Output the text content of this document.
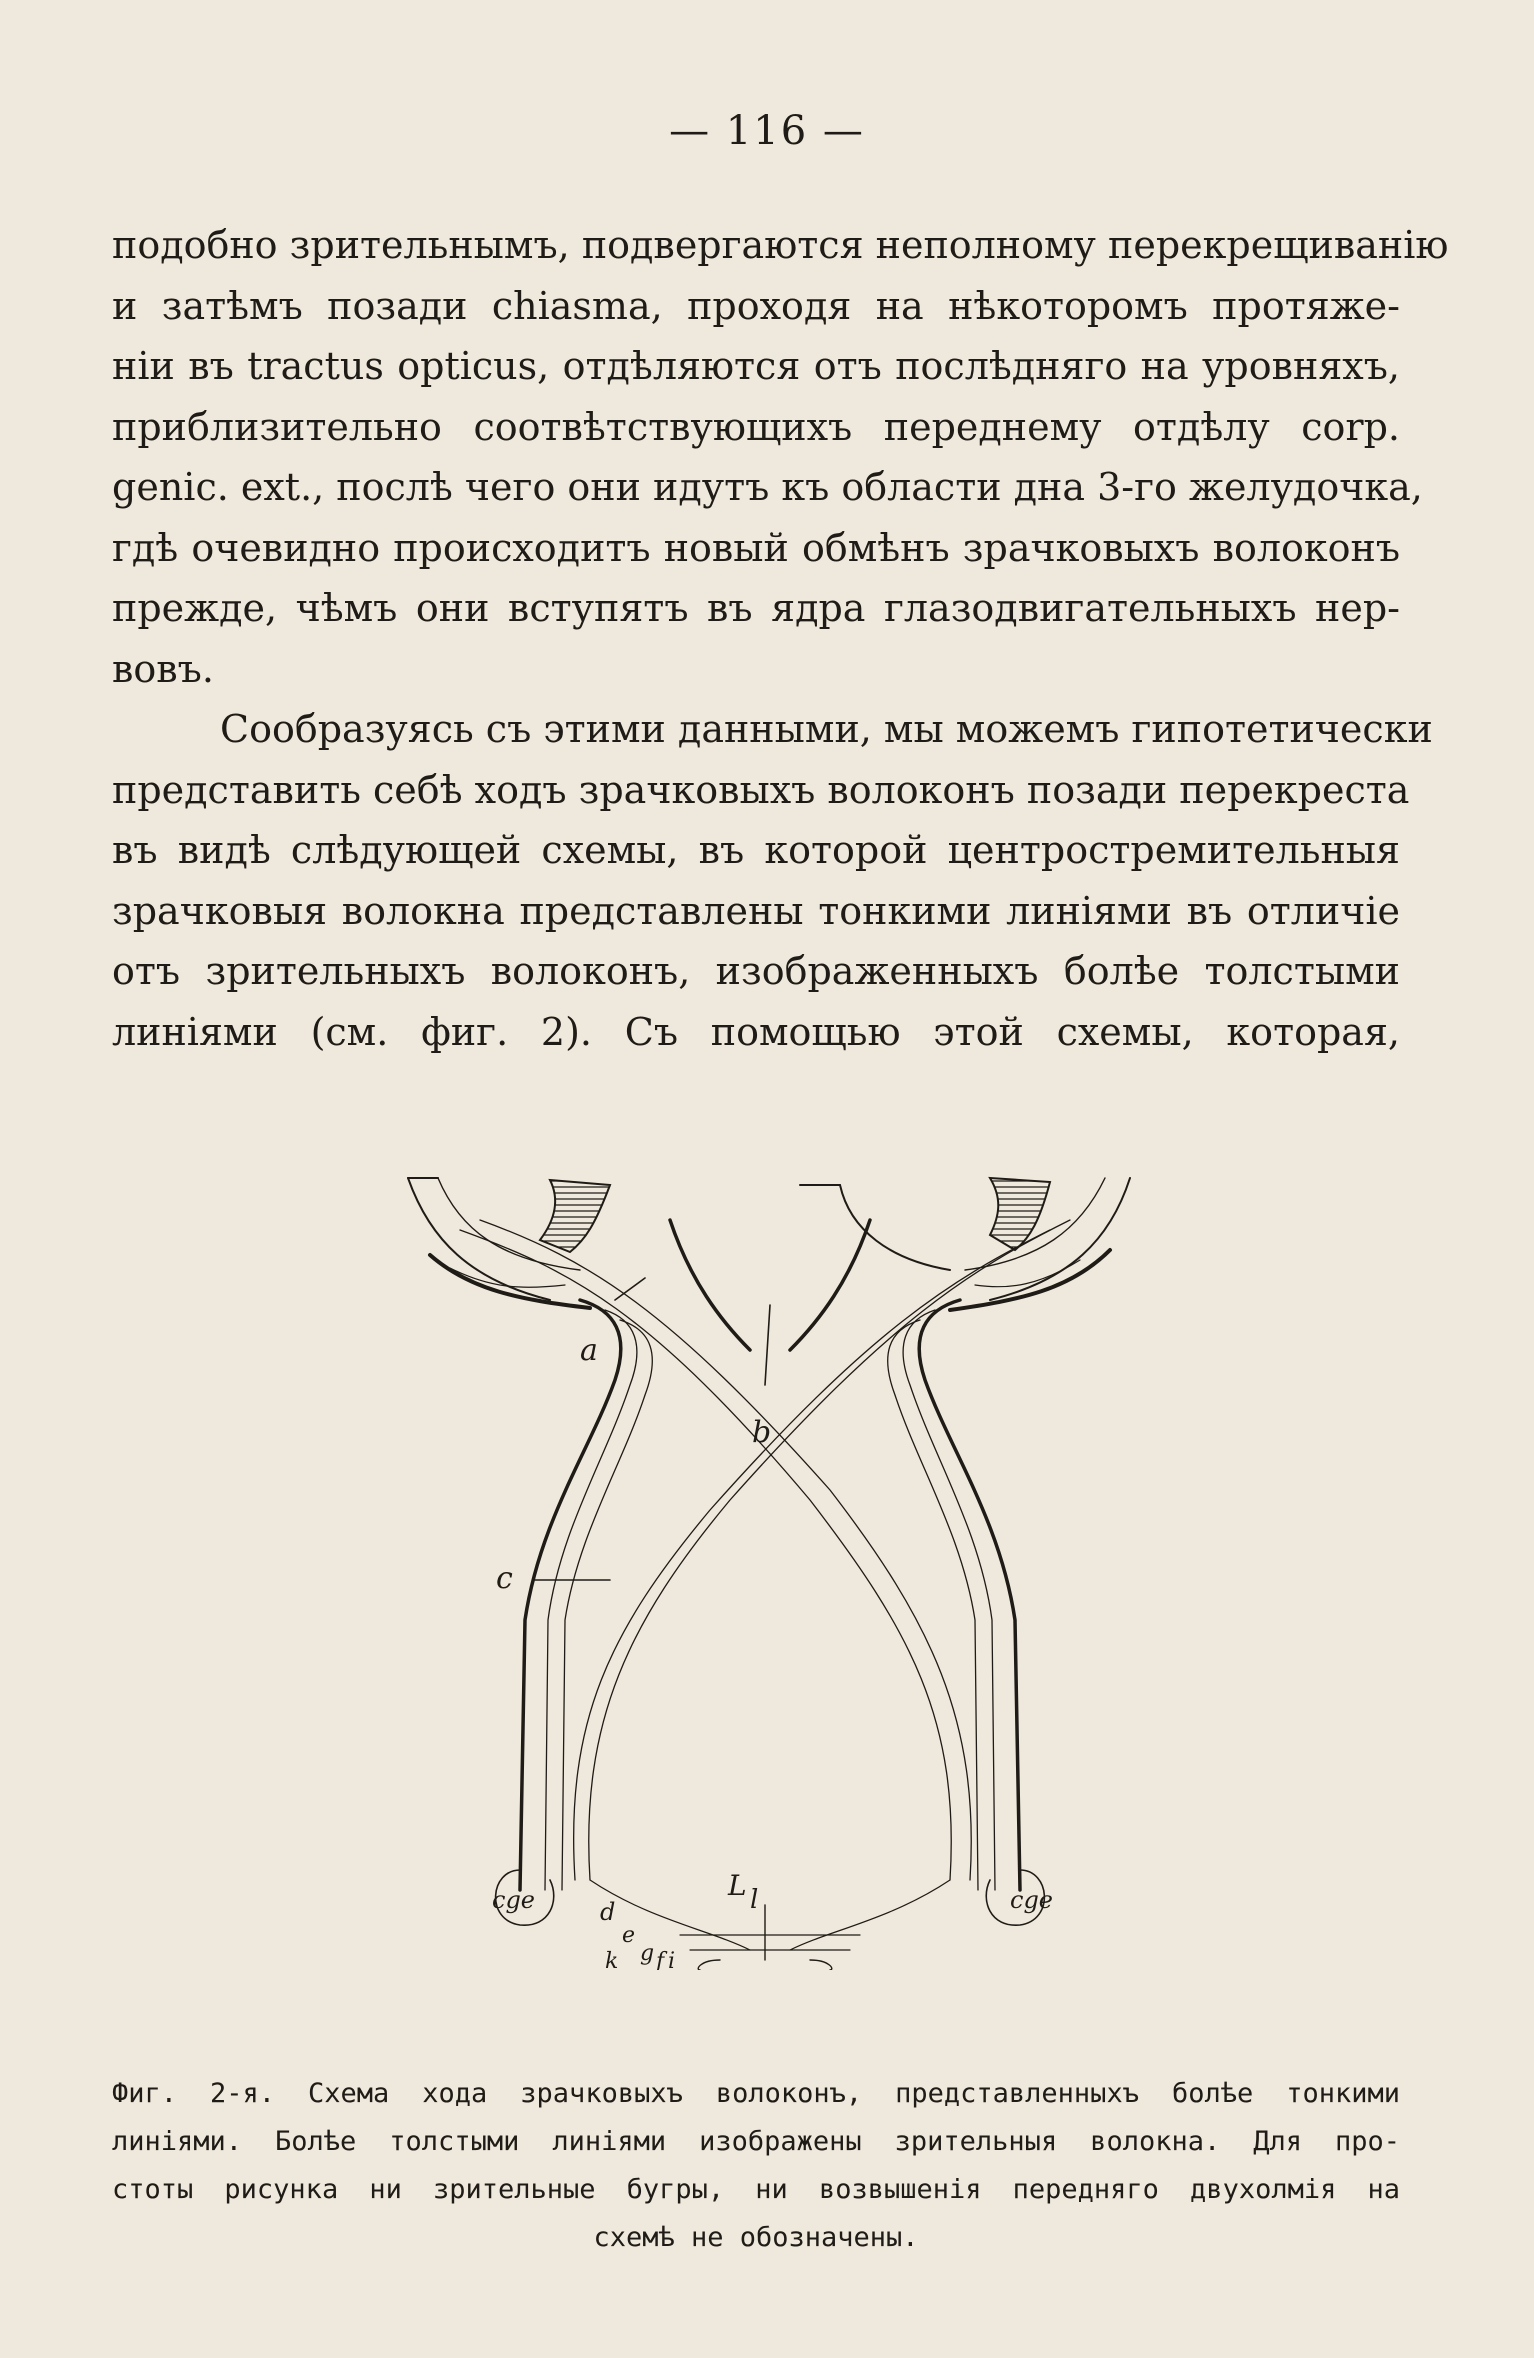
— 116 —
подобно зрительнымъ, подвергаются неполному перекрещиванію
и затѣмъ позади chiasma, проходя на нѣкоторомъ протяже-
ніи въ tractus opticus, отдѣляются отъ послѣдняго на уровняхъ,
приблизительно соотвѣтствующихъ переднему отдѣлу corp.
genic. ext., послѣ чего они идутъ къ области дна 3-го желудочка,
гдѣ очевидно происходитъ новый обмѣнъ зрачковыхъ волоконъ
прежде, чѣмъ они вступятъ въ ядра глазодвигательныхъ нер-
вовъ.
Сообразуясь съ этими данными, мы можемъ гипотетически
представить себѣ ходъ зрачковыхъ волоконъ позади перекреста
въ видѣ слѣдующей схемы, въ которой центростремительныя
зрачковыя волокна представлены тонкими линіями въ отличіе
отъ зрительныхъ волоконъ, изображенныхъ болѣе толстыми
линіями (см. фиг. 2). Съ помощью этой схемы, которая,
a
b
c
cge	cge
d
e
g f
k i
L l
Фиг. 2-я. Схема хода зрачковыхъ волоконъ, представленныхъ болѣе тонкими
линіями. Болѣе толстыми линіями изображены зрительныя волокна. Для про-
стоты рисунка ни зрительные бугры, ни возвышенія передняго двухолмія на
схемѣ не обозначены.
